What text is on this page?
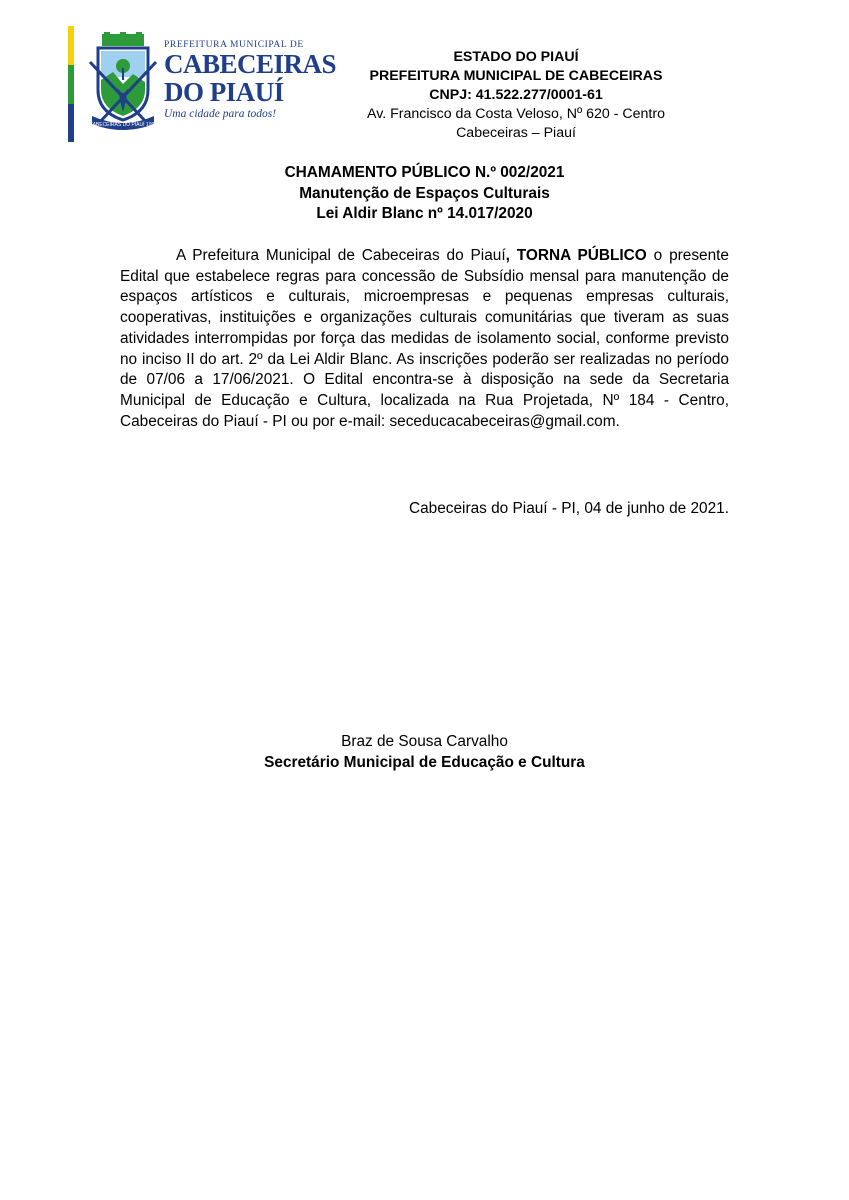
CABECEIRAS DO PIAUÍ 1993
PREFEITURA MUNICIPAL DE
CABECEIRAS
DO PIAUÍ
Uma cidade para todos!
ESTADO DO PIAUÍ
PREFEITURA MUNICIPAL DE CABECEIRAS
CNPJ: 41.522.277/0001-61
Av. Francisco da Costa Veloso, Nº 620 - Centro
Cabeceiras – Piauí
CHAMAMENTO PÚBLICO N.º 002/2021
Manutenção de Espaços Culturais
Lei Aldir Blanc nº 14.017/2020
A Prefeitura Municipal de Cabeceiras do Piauí, TORNA PÚBLICO o presente Edital que estabelece regras para concessão de Subsídio mensal para manutenção de espaços artísticos e culturais, microempresas e pequenas empresas culturais, cooperativas, instituições e organizações culturais comunitárias que tiveram as suas atividades interrompidas por força das medidas de isolamento social, conforme previsto no inciso II do art. 2º da Lei Aldir Blanc. As inscrições poderão ser realizadas no período de 07/06 a 17/06/2021. O Edital encontra-se à disposição na sede da Secretaria Municipal de Educação e Cultura, localizada na Rua Projetada, Nº 184 - Centro, Cabeceiras do Piauí - PI ou por e-mail: seceducacabeceiras@gmail.com.
Cabeceiras do Piauí - PI, 04 de junho de 2021.
Braz de Sousa Carvalho
Secretário Municipal de Educação e Cultura
